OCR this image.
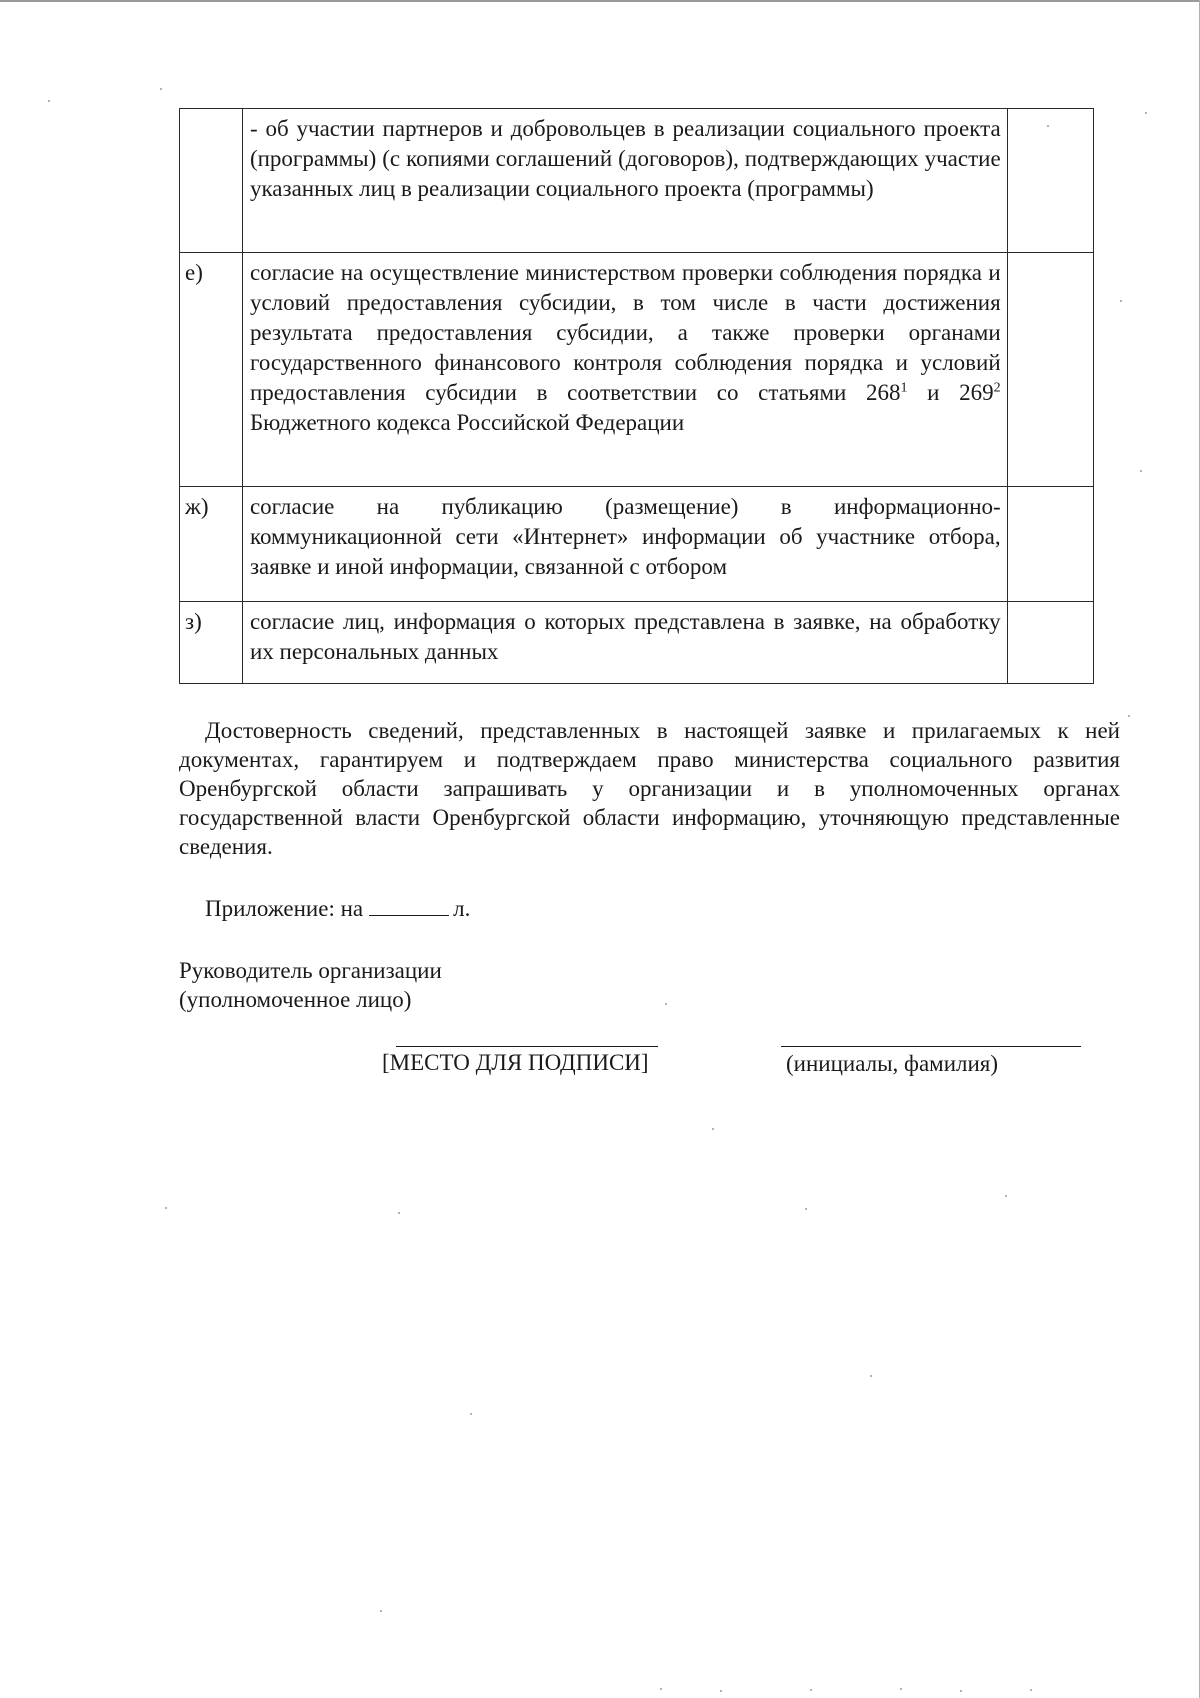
	- об участии партнеров и добровольцев в реализации социального проекта (программы) (с копиями соглашений (договоров), подтверждающих участие указанных лиц в реализации социального проекта (программы)	
е)	согласие на осуществление министерством проверки соблюдения порядка и условий предоставления субсидии, в том числе в части достижения результата предоставления субсидии, а также проверки органами государственного финансового контроля соблюдения порядка и условий предоставления субсидии в соответствии со статьями $268^1$ и $269^2$ Бюджетного кодекса Российской Федерации	
ж)	согласие на публикацию (размещение) в информационно-коммуникационной сети «Интернет» информации об участнике отбора, заявке и иной информации, связанной с отбором	
з)	согласие лиц, информация о которых представлена в заявке, на обработку их персональных данных	

Достоверность сведений, представленных в настоящей заявке и прилагаемых к ней документах, гарантируем и подтверждаем право министерства социального развития Оренбургской области запрашивать у организации и в уполномоченных органах государственной власти Оренбургской области информацию, уточняющую представленные сведения.

Приложение: на	л.

Руководитель организации
(уполномоченное лицо)
[МЕСТО ДЛЯ ПОДПИСИ]	(инициалы, фамилия)
